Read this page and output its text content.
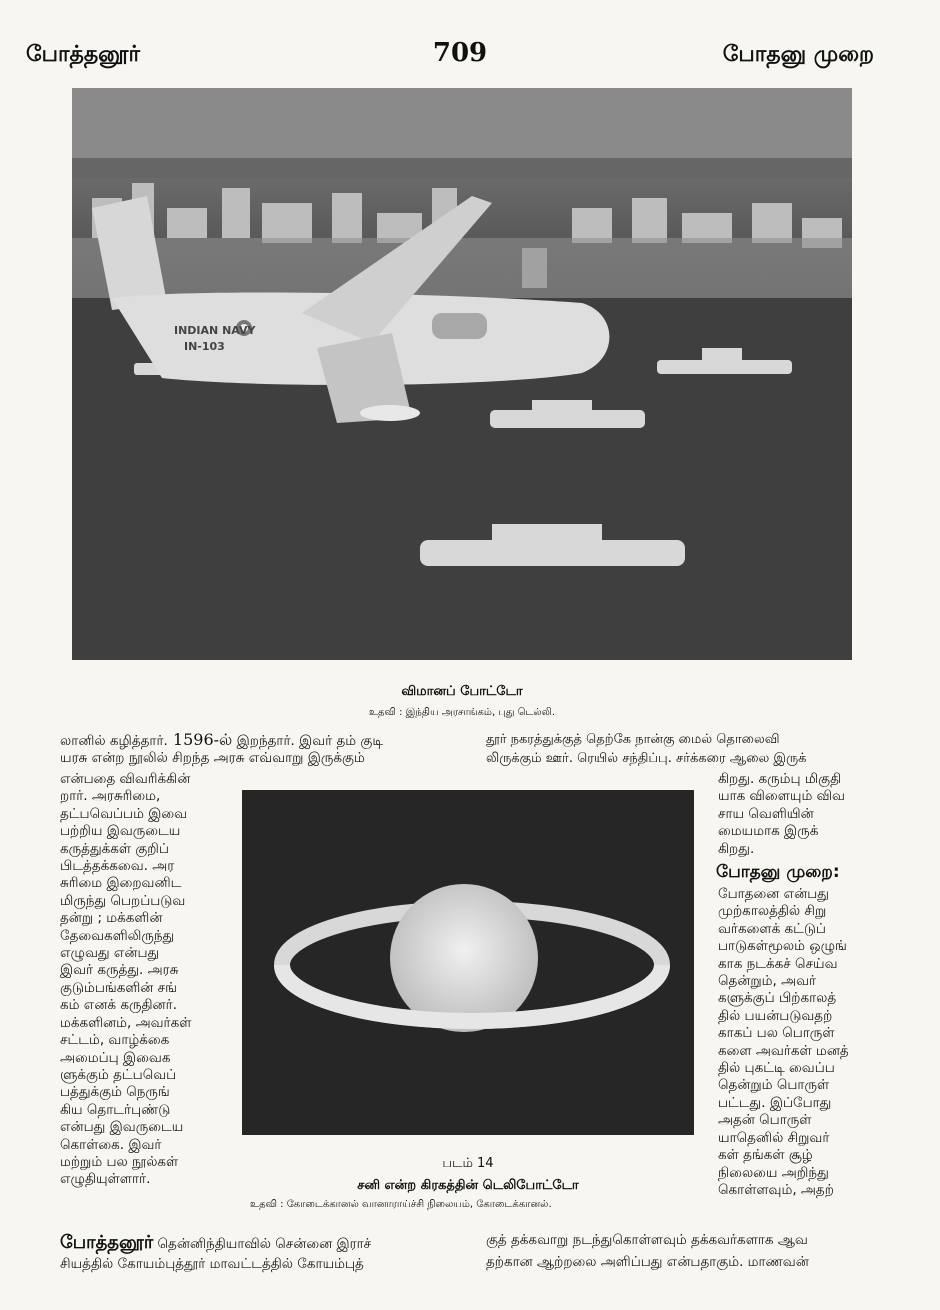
போத்தனூர்	709	போதனு முறை
INDIAN NAVY
IN-103
விமானப் போட்டோ
உதவி : இந்திய அரசாங்கம், புது டெல்லி.
லானில் கழித்தார். 1596-ல் இறந்தார். இவர் தம் குடி
யரசு என்ற நூலில் சிறந்த அரசு எவ்வாறு இருக்கும்
தூர் நகரத்துக்குத் தெற்கே நான்கு மைல் தொலைவி
லிருக்கும் ஊர். ரெயில் சந்திப்பு. சர்க்கரை ஆலை இருக்
படம் 14
சனி என்ற கிரகத்தின் டெலிபோட்டோ
உதவி : கோடைக்கானல் வானாராய்ச்சி நிலையம், கோடைக்கானல்.
என்பதை விவரிக்கின்
றார். அரசுரிமை,
தட்பவெப்பம் இவை
பற்றிய இவருடைய
கருத்துக்கள் குறிப்
பிடத்தக்கவை. அர
சுரிமை இறைவனிட
மிருந்து பெறப்படுவ
தன்று ; மக்களின்
தேவைகளிலிருந்து
எழுவது என்பது
இவர் கருத்து. அரசு
குடும்பங்களின் சங்
கம் எனக் கருதினர்.
மக்களினம், அவர்கள்
சட்டம், வாழ்க்கை
அமைப்பு இவைக
ளுக்கும் தட்பவெப்
பத்துக்கும் நெருங்
கிய தொடர்புண்டு
என்பது இவருடைய
கொள்கை. இவர்
மற்றும் பல நூல்கள்
எழுதியுள்ளார்.
கிறது. கரும்பு மிகுதி
யாக விளையும் விவ
சாய வெளியின்
மையமாக இருக்
கிறது.
போதனு முறை:
போதனை என்பது
முற்காலத்தில் சிறு
வர்களைக் கட்டுப்
பாடுகள்மூலம் ஒழுங்
காக நடக்கச் செய்வ
தென்றும், அவர்
களுக்குப் பிற்காலத்
தில் பயன்படுவதற்
காகப் பல பொருள்
களை அவர்கள் மனத்
தில் புகட்டி வைப்ப
தென்றும் பொருள்
பட்டது. இப்போது
அதன் பொருள்
யாதெனில் சிறுவர்
கள் தங்கள் சூழ்
நிலையை அறிந்து
கொள்ளவும், அதற்
குத் தக்கவாறு நடந்துகொள்ளவும் தக்கவர்களாக ஆவ
தற்கான ஆற்றலை அளிப்பது என்பதாகும். மாணவன்
போத்தனூர் தென்னிந்தியாவில் சென்னை இராச்
சியத்தில் கோயம்புத்தூர் மாவட்டத்தில் கோயம்புத்
